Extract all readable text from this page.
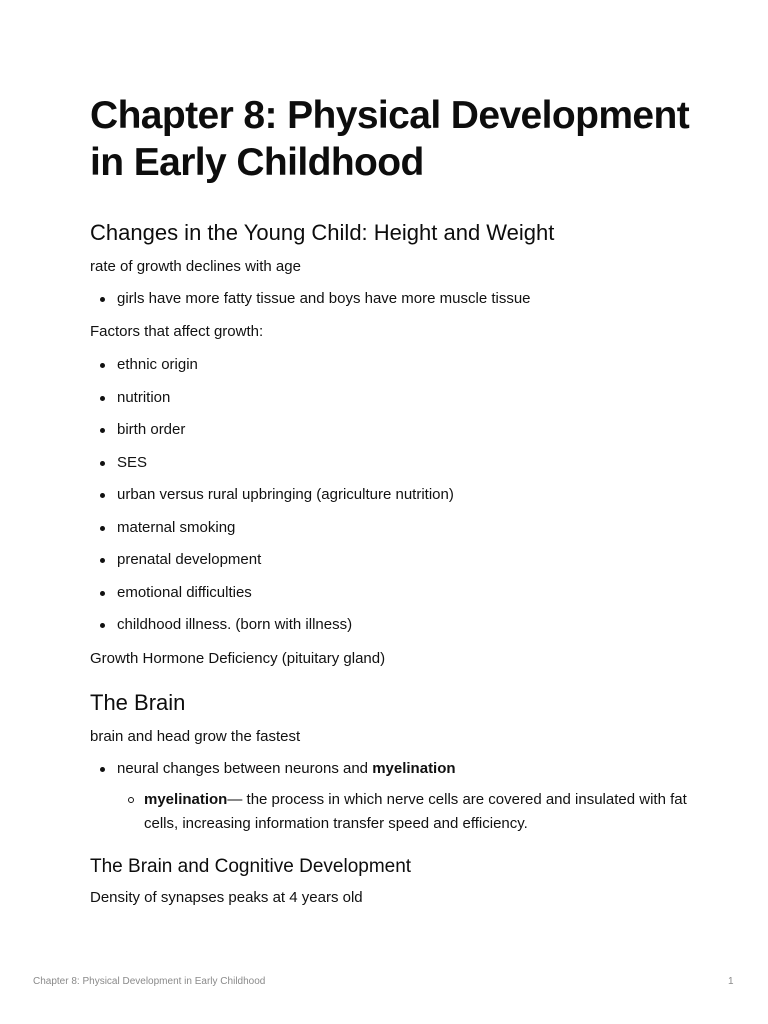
Chapter 8: Physical Development in Early Childhood
Changes in the Young Child: Height and Weight

rate of growth declines with age

girls have more fatty tissue and boys have more muscle tissue

Factors that affect growth:

ethnic origin
nutrition
birth order
SES
urban versus rural upbringing (agriculture nutrition)
maternal smoking
prenatal development
emotional difficulties
childhood illness. (born with illness)

Growth Hormone Deficiency (pituitary gland)

The Brain

brain and head grow the fastest

neural changes between neurons and myelination
myelination— the process in which nerve cells are covered and insulated with fat cells, increasing information transfer speed and efficiency.
The Brain and Cognitive Development

Density of synapses peaks at 4 years old

Chapter 8: Physical Development in Early Childhood	1
